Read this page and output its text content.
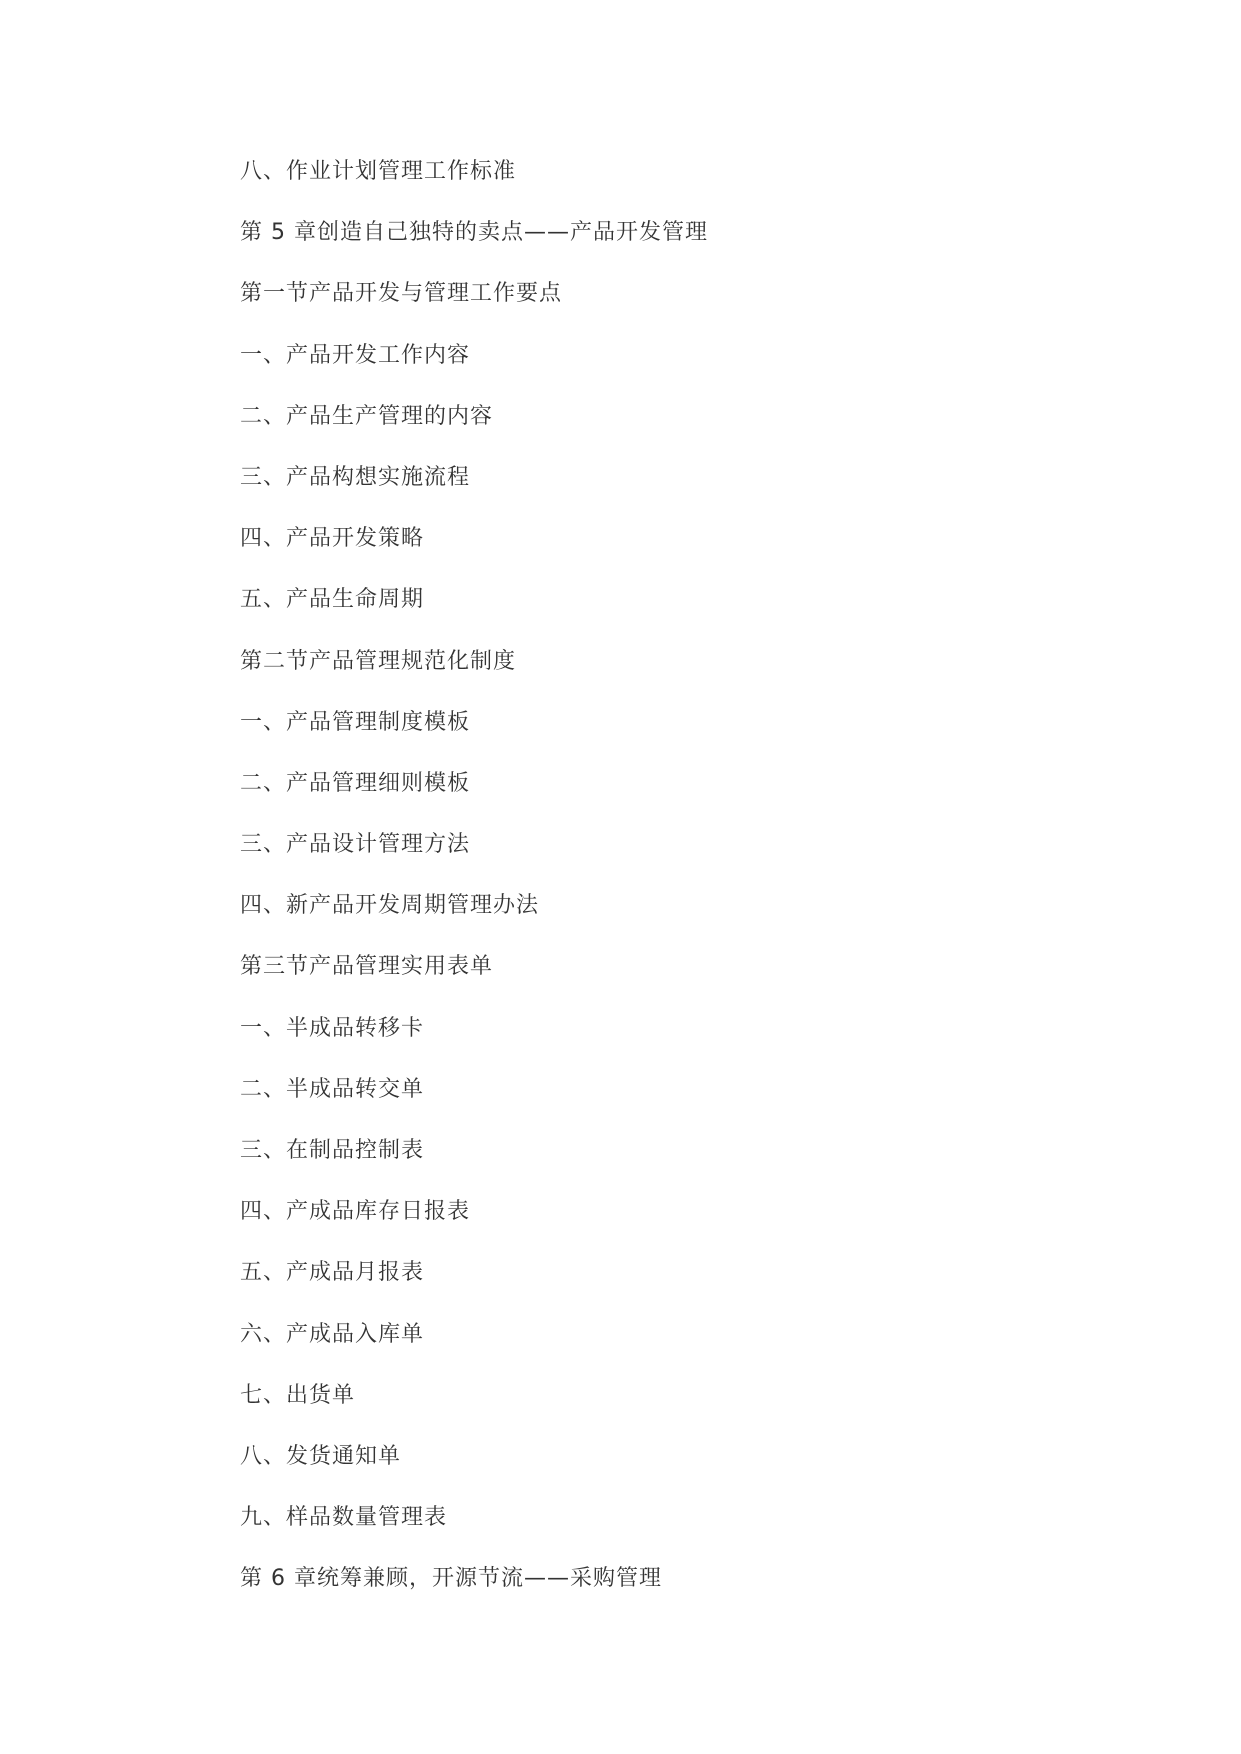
八、作业计划管理工作标准
第 5 章创造自己独特的卖点——产品开发管理
第一节产品开发与管理工作要点
一、产品开发工作内容
二、产品生产管理的内容
三、产品构想实施流程
四、产品开发策略
五、产品生命周期
第二节产品管理规范化制度
一、产品管理制度模板
二、产品管理细则模板
三、产品设计管理方法
四、新产品开发周期管理办法
第三节产品管理实用表单
一、半成品转移卡
二、半成品转交单
三、在制品控制表
四、产成品库存日报表
五、产成品月报表
六、产成品入库单
七、出货单
八、发货通知单
九、样品数量管理表
第 6 章统筹兼顾，开源节流——采购管理
